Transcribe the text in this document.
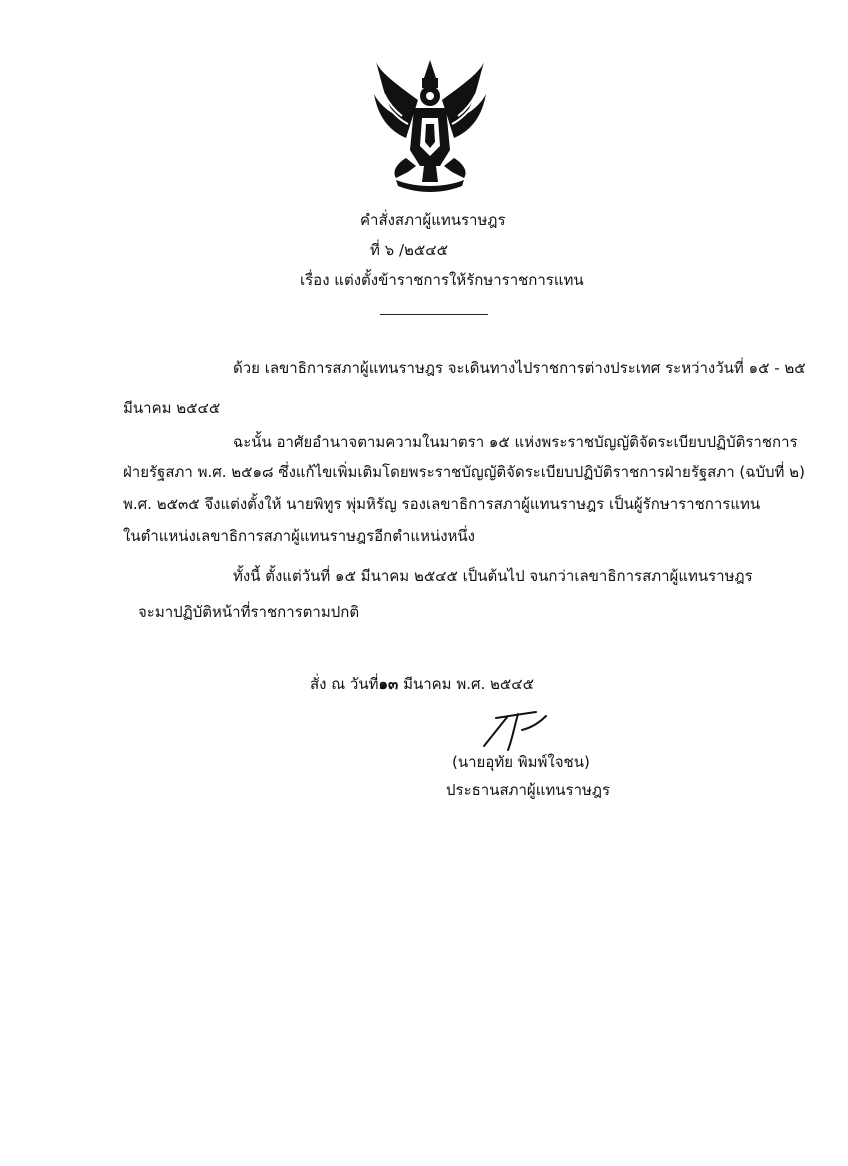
คำสั่งสภาผู้แทนราษฎร
ที่ ๖ /๒๕๔๕
เรื่อง แต่งตั้งข้าราชการให้รักษาราชการแทน
ด้วย เลขาธิการสภาผู้แทนราษฎร จะเดินทางไปราชการต่างประเทศ ระหว่างวันที่ ๑๕ - ๒๕
มีนาคม ๒๕๔๕
ฉะนั้น อาศัยอำนาจตามความในมาตรา ๑๕ แห่งพระราชบัญญัติจัดระเบียบปฏิบัติราชการ
ฝ่ายรัฐสภา พ.ศ. ๒๕๑๘ ซึ่งแก้ไขเพิ่มเติมโดยพระราชบัญญัติจัดระเบียบปฏิบัติราชการฝ่ายรัฐสภา (ฉบับที่ ๒)
พ.ศ. ๒๕๓๕ จึงแต่งตั้งให้ นายพิทูร พุ่มหิรัญ รองเลขาธิการสภาผู้แทนราษฎร เป็นผู้รักษาราชการแทน
ในตำแหน่งเลขาธิการสภาผู้แทนราษฎรอีกตำแหน่งหนึ่ง
ทั้งนี้ ตั้งแต่วันที่ ๑๕ มีนาคม ๒๕๔๕ เป็นต้นไป จนกว่าเลขาธิการสภาผู้แทนราษฎร
จะมาปฏิบัติหน้าที่ราชการตามปกติ
สั่ง ณ วันที่๑๓ มีนาคม พ.ศ. ๒๕๔๕
(นายอุทัย พิมพ์ใจชน)
ประธานสภาผู้แทนราษฎร
